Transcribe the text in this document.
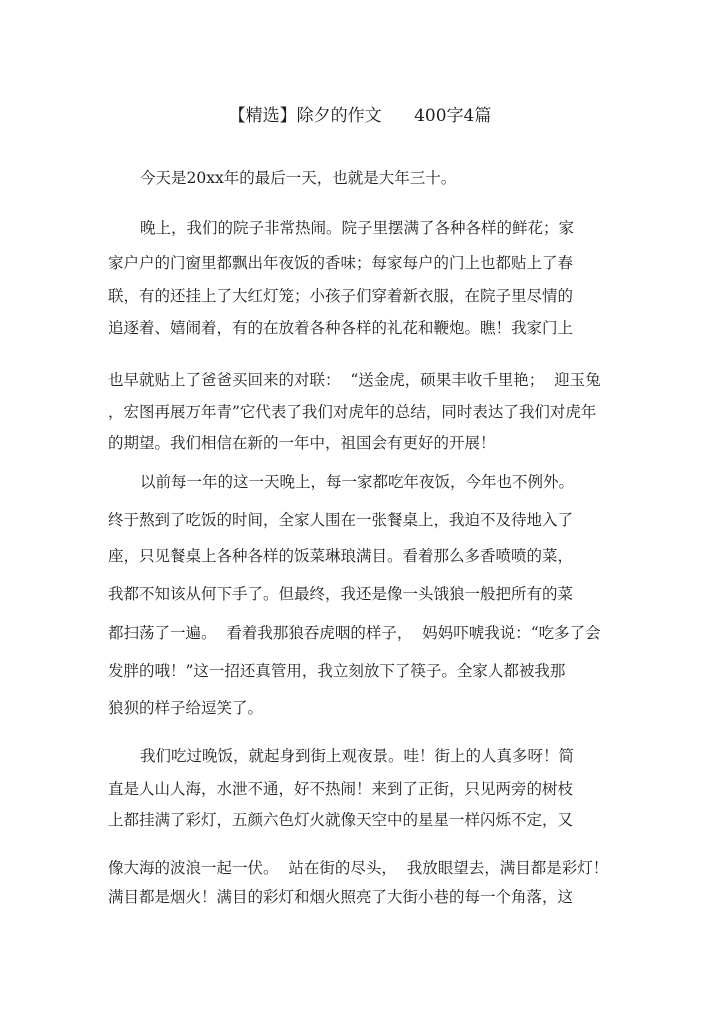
【精选】除夕的作文      400字4篇
今天是20xx年的最后一天，也就是大年三十。
晚上，我们的院子非常热闹。院子里摆满了各种各样的鲜花；家
家户户的门窗里都飘出年夜饭的香味；每家每户的门上也都贴上了春
联，有的还挂上了大红灯笼；小孩子们穿着新衣服，在院子里尽情的
追逐着、嬉闹着，有的在放着各种各样的礼花和鞭炮。瞧！我家门上
也早就贴上了爸爸买回来的对联：  “送金虎，硕果丰收千里艳；  迎玉兔
，宏图再展万年青”它代表了我们对虎年的总结，同时表达了我们对虎年
的期望。我们相信在新的一年中，祖国会有更好的开展！
以前每一年的这一天晚上，每一家都吃年夜饭，今年也不例外。
终于熬到了吃饭的时间，全家人围在一张餐桌上，我迫不及待地入了
座，只见餐桌上各种各样的饭菜琳琅满目。看着那么多香喷喷的菜，
我都不知该从何下手了。但最终，我还是像一头饿狼一般把所有的菜
都扫荡了一遍。  看着我那狼吞虎咽的样子，  妈妈吓唬我说：“吃多了会
发胖的哦！”这一招还真管用，我立刻放下了筷子。全家人都被我那
狼狈的样子给逗笑了。
我们吃过晚饭，就起身到街上观夜景。哇！街上的人真多呀！简
直是人山人海，水泄不通，好不热闹！来到了正街，只见两旁的树枝
上都挂满了彩灯，五颜六色灯火就像天空中的星星一样闪烁不定，又
像大海的波浪一起一伏。  站在街的尽头，  我放眼望去，满目都是彩灯！
满目都是烟火！满目的彩灯和烟火照亮了大街小巷的每一个角落，这
